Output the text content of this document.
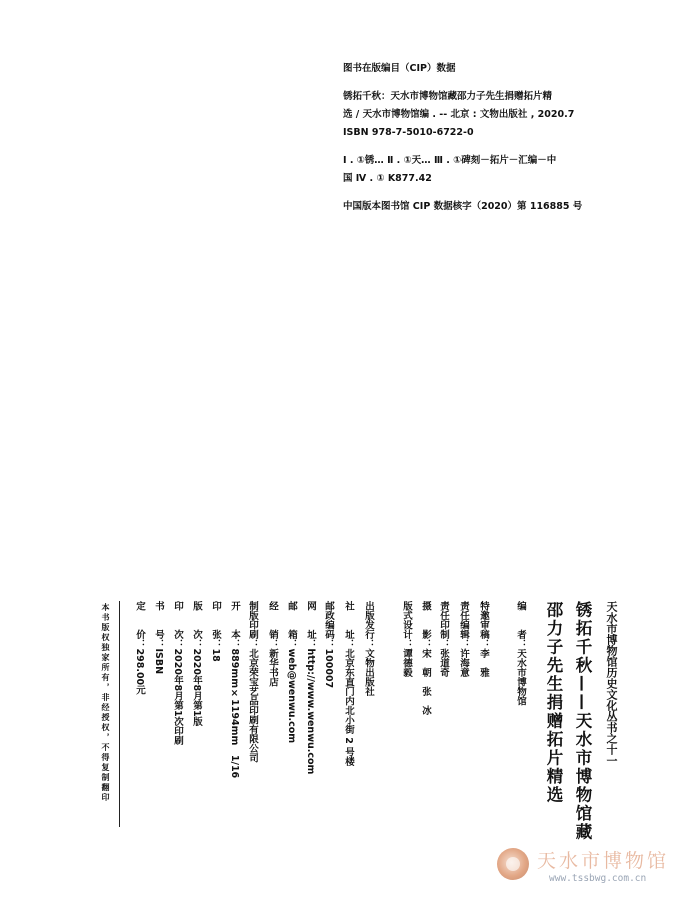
图书在版编目（CIP）数据

锈拓千秋：天水市博物馆藏邵力子先生捐赠拓片精

选 / 天水市博物馆编 . -- 北京 : 文物出版社 , 2020.7

ISBN 978-7-5010-6722-0

Ⅰ . ①锈… Ⅱ . ①天… Ⅲ . ①碑刻－拓片－汇编－中

国 Ⅳ . ① K877.42

中国版本图书馆 CIP 数据核字（2020）第 116885 号

天水市博物馆历史文化丛书之十一
锈拓千秋——天水市博物馆藏
邵力子先生捐赠拓片精选
编　　者：天水市博物馆
特邀审稿：李　雅
责任编辑：许海意
责任印制：张道奇
摄　　影：宋　朝　张　冰
版式设计：谭德毅
出版发行：文物出版社
社　　址：北京东直门内北小街 2 号楼
邮政编码：100007
网　　址：http://www.wenwu.com
邮　　箱：web@wenwu.com
经　　销：新华书店
制版印刷：北京荣宝艺品印刷有限公司
开　　本：889mm×1194mm　1/16
印　　张：18
版　　次：2020年8月第1版
印　　次：2020年8月第1次印刷
书　　号：ISBN
定　　价：298.00元
本书版权独家所有，非经授权，不得复制翻印
天水市博物馆
www.tssbwg.com.cn
